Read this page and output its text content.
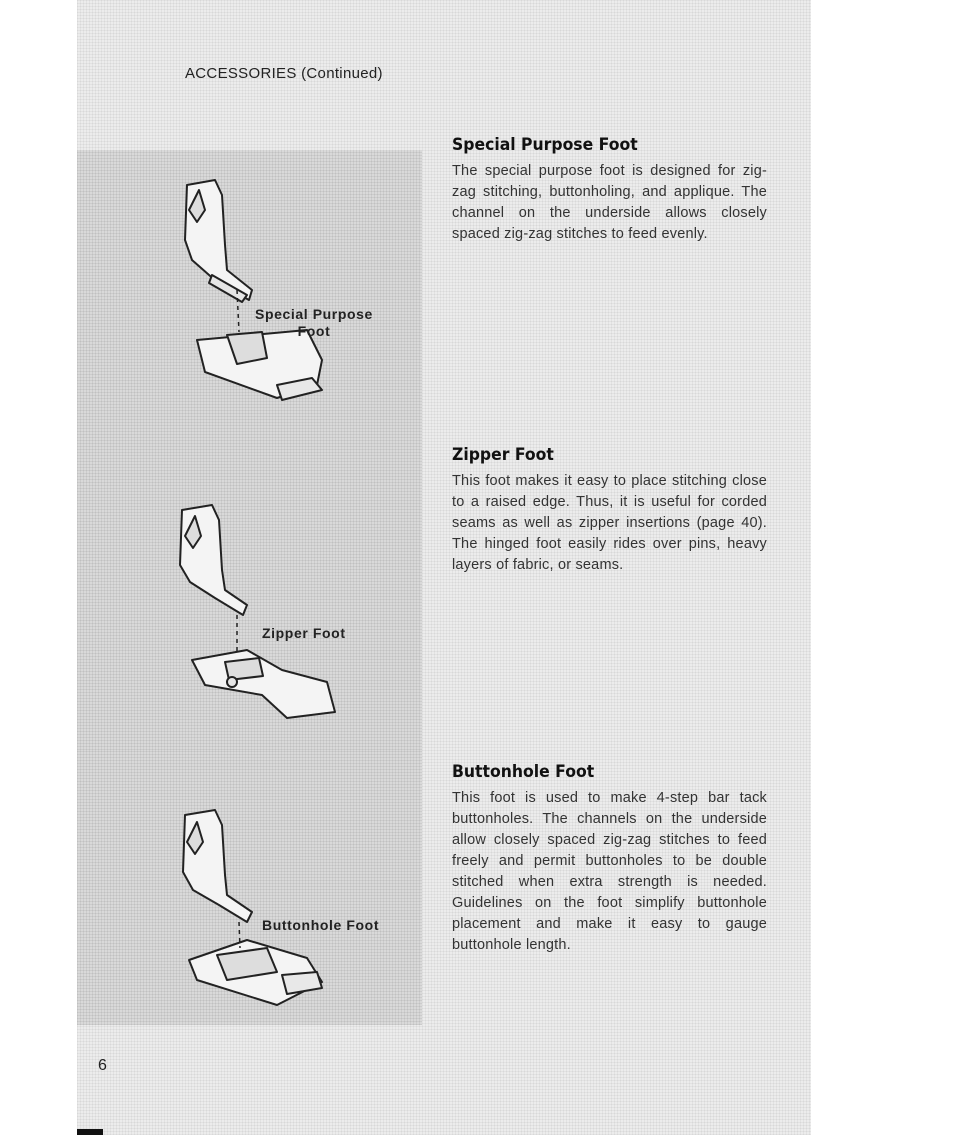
ACCESSORIES (Continued)
Special Purpose
Foot
Zipper Foot
Buttonhole Foot
Special Purpose Foot

The special purpose foot is designed for zig-zag stitching, buttonholing, and applique. The channel on the underside allows closely spaced zig-zag stitches to feed evenly.

Zipper Foot

This foot makes it easy to place stitching close to a raised edge. Thus, it is useful for corded seams as well as zipper insertions (page 40). The hinged foot easily rides over pins, heavy layers of fabric, or seams.

Buttonhole Foot

This foot is used to make 4-step bar tack buttonholes. The channels on the underside allow closely spaced zig-zag stitches to feed freely and permit buttonholes to be double stitched when extra strength is needed. Guidelines on the foot simplify buttonhole placement and make it easy to gauge buttonhole length.

6
